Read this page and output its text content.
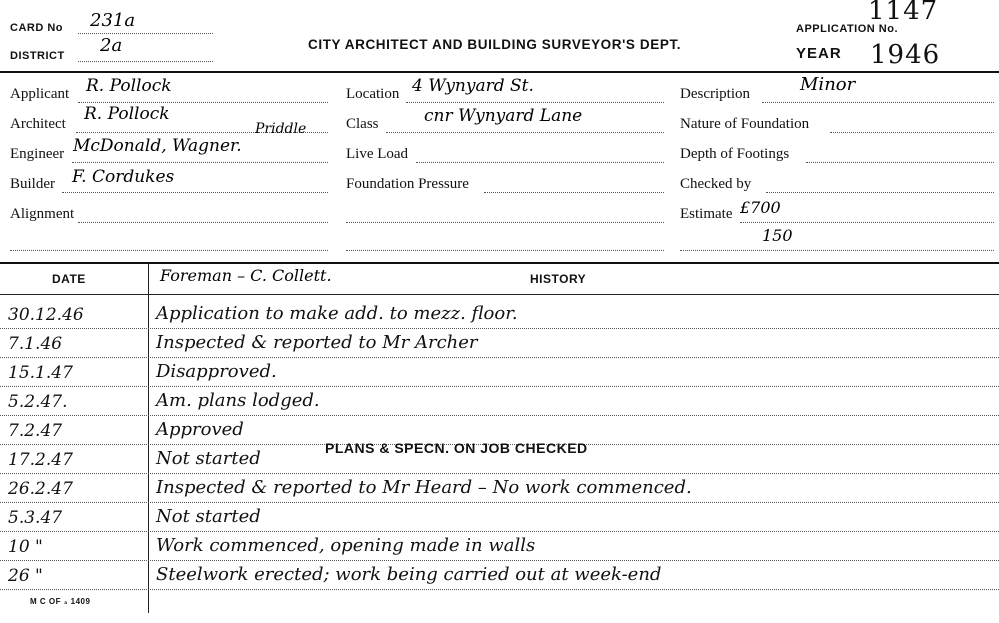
CARD No 231a
DISTRICT 2a	CITY ARCHITECT AND BUILDING SURVEYOR'S DEPT.
APPLICATION No.
1147
YEAR 1946
Applicant R. Pollock
Architect R. Pollock
Priddle
Engineer McDonald, Wagner.
Builder F. Cordukes
Alignment
Location 4 Wynyard St.
Class	cnr Wynyard Lane
Live Load
Foundation Pressure
Description	Minor
Nature of Foundation
Depth of Footings
Checked by
Estimate £700
150
DATE	Foreman – C. Collett.	HISTORY
30.12.46	Application to make add. to mezz. floor.
7.1.46	Inspected & reported to Mr Archer
15.1.47	Disapproved.
5.2.47.	Am. plans lodged.
7.2.47	Approved
17.2.47	Not started
26.2.47	Inspected & reported to Mr Heard – No work commenced.
5.3.47	Not started
10 "	Work commenced, opening made in walls
26 "	Steelwork erected; work being carried out at week-end
PLANS & SPECN. ON JOB CHECKED
M C OF ₃ 1409
